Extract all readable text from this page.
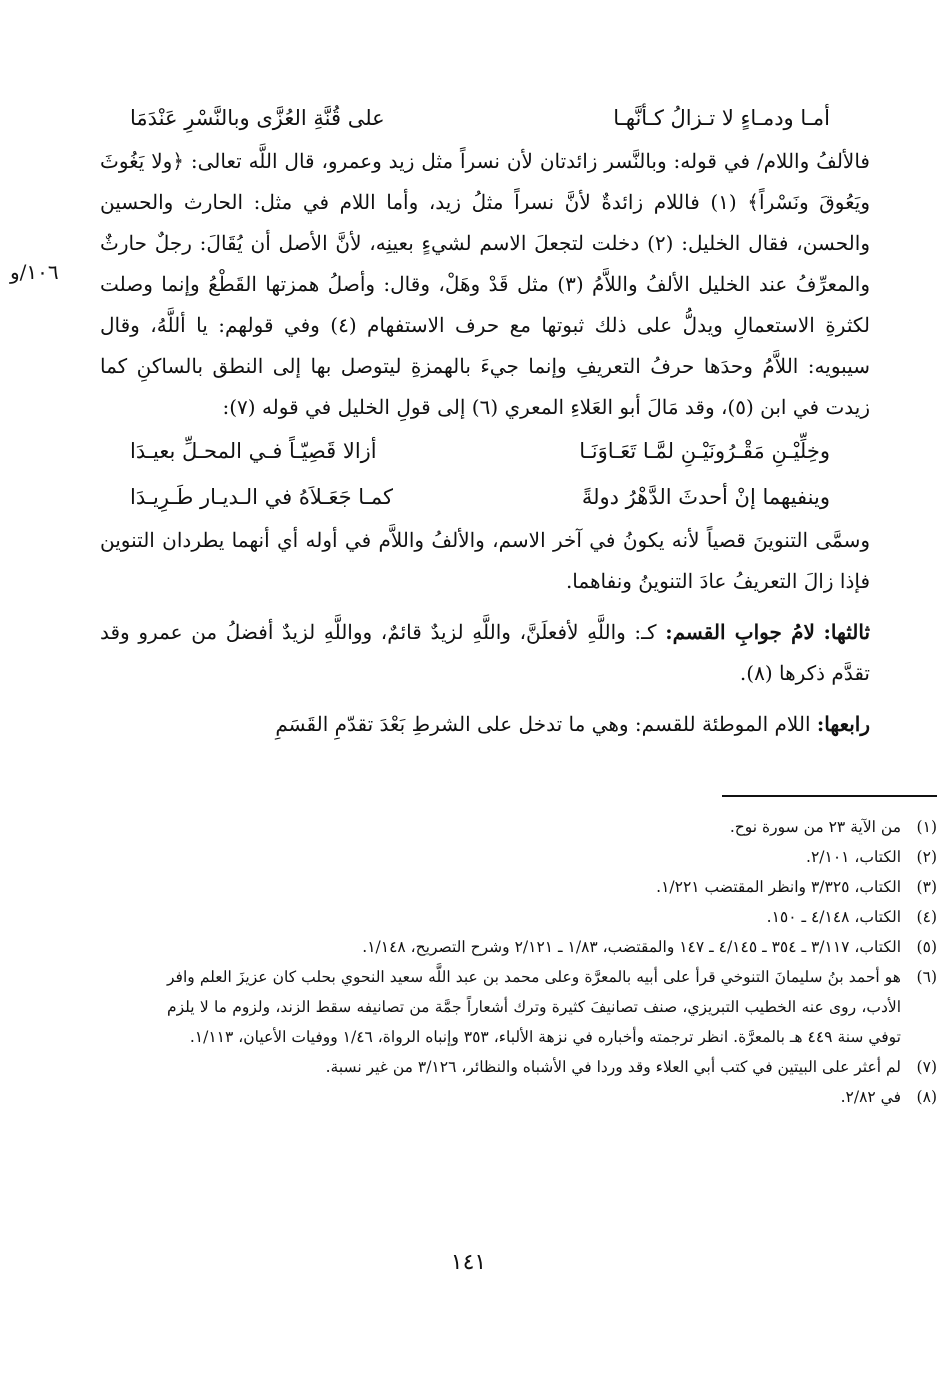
١٠٦/و
أمـا ودمـاءٍ لا تـزالُ كـأنَّهـا
على قُنَّةِ العُزَّى وبالنَّسْرِ عَنْدَمَا

فالألفُ واللام/ في قوله: وبالنَّسر زائدتان لأن نسراً مثل زيد وعمرو، قال اللَّه تعالى: ﴿ولا يَغُوثَ ويَعُوقَ ونَسْراً﴾ (١) فاللام زائدةٌ لأنَّ نسراً مثلُ زيد، وأما اللام في مثل: الحارث والحسين والحسن، فقال الخليل: (٢) دخلت لتجعلَ الاسم لشيءٍ بعينِه، لأنَّ الأصل أن يُقَالَ: رجلٌ حارثٌ والمعرِّفُ عند الخليل الألفُ واللاَّمُ (٣) مثل قَدْ وهَلْ، وقال: وأصلُ همزتها القَطْعُ وإنما وصلت لكثرةِ الاستعمالِ ويدلُّ على ذلك ثبوتها مع حرف الاستفهام (٤) وفي قولهم: يا أللَّهُ، وقال سيبويه: اللاَّمُ وحدَها حرفُ التعريفِ وإنما جيءَ بالهمزةِ ليتوصل بها إلى النطق بالساكنِ كما زيدت في ابن (٥)، وقد مَالَ أبو العَلاءِ المعري (٦) إلى قولِ الخليل في قوله (٧):

وخِلِّيْـنِ مَقْـرُونَيْـنِ لمَّـا تَعَـاوَنَـا
أزالا قَصِيّـاً فـي المحـلِّ بعيـدَا
وينفيهما إنْ أحدثَ الدَّهْرُ دولةً
كمـا جَعَـلاَهُ في الـديـار طَـرِيـدَا

وسمَّى التنوينَ قصياً لأنه يكونُ في آخر الاسم، والألفُ واللاَّم في أوله أي أنهما يطردان التنوين فإذا زالَ التعريفُ عادَ التنوينُ ونفاهما.

ثالثها: لامُ جوابِ القسم: كـ: واللَّهِ لأفعلَنَّ، واللَّهِ لزيدٌ قائمٌ، وواللَّهِ لزيدٌ أفضلُ من عمرو وقد تقدَّم ذكرها (٨).

رابعها: اللام الموطئة للقسم: وهي ما تدخل على الشرطِ بَعْدَ تقدّمِ القَسَمِ

(١)
من الآية ٢٣ من سورة نوح.
(٢)
الكتاب، ٢/١٠١.
(٣)
الكتاب، ٣/٣٢٥ وانظر المقتضب ١/٢٢١.
(٤)
الكتاب، ٤/١٤٨ ـ ١٥٠.
(٥)
الكتاب، ٣/١١٧ ـ ٣٥٤ ـ ٤/١٤٥ ـ ١٤٧ والمقتضب، ١/٨٣ ـ ٢/١٢١ وشرح التصريح، ١/١٤٨.
(٦)
هو أحمد بنُ سليمانَ التنوخي قرأ على أبيه بالمعرَّة وعلى محمد بن عبد اللَّه سعيد النحوي بحلب كان عزيزَ العلم وافر الأدب، روى عنه الخطيب التبريزي، صنف تصانيفَ كثيرة وترك أشعاراً جمَّة من تصانيفه سقط الزند، ولزوم ما لا يلزم توفي سنة ٤٤٩ هـ بالمعرَّة. انظر ترجمته وأخباره في نزهة الألباء، ٣٥٣ وإنباه الرواة، ١/٤٦ ووفيات الأعيان، ١/١١٣.
(٧)
لم أعثر على البيتين في كتب أبي العلاء وقد وردا في الأشباه والنظائر، ٣/١٢٦ من غير نسبة.
(٨)
في ٢/٨٢.
١٤١
